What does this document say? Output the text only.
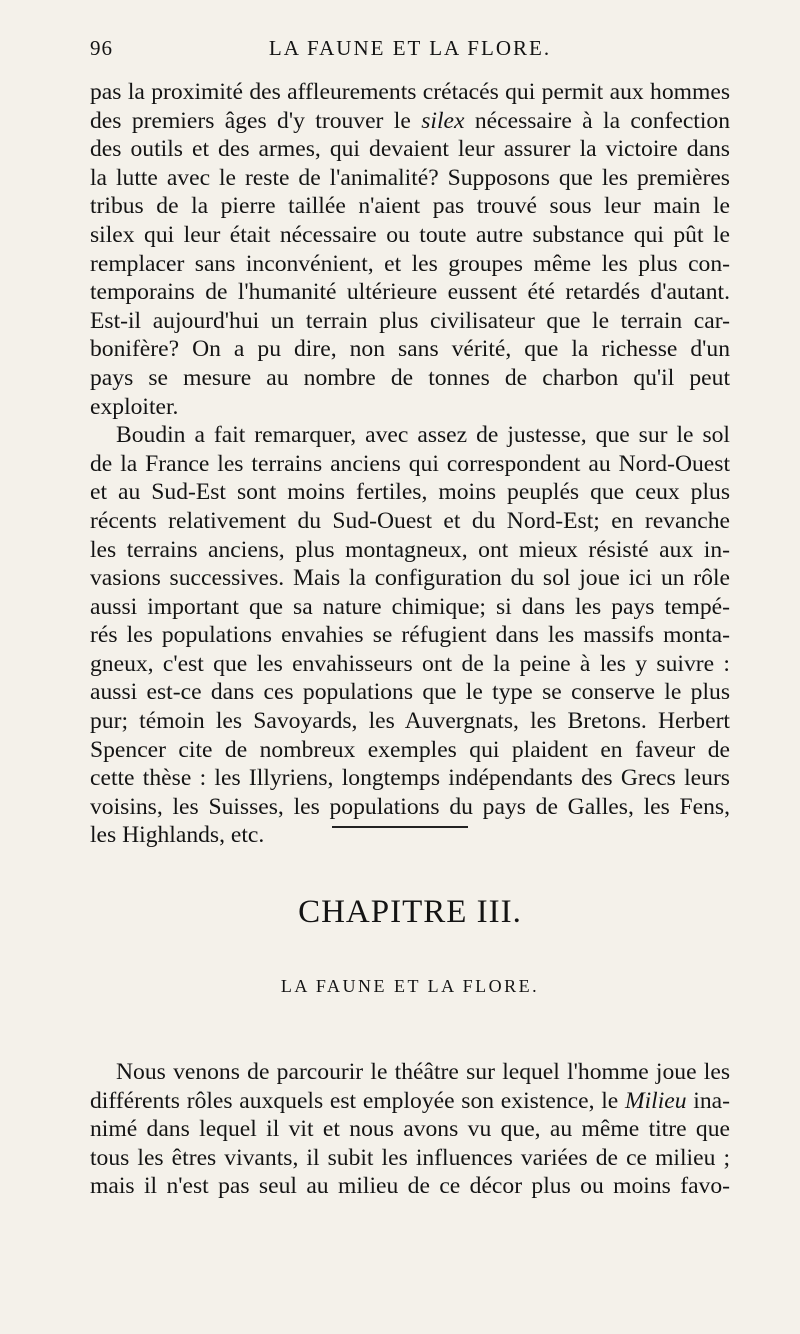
96	LA FAUNE ET LA FLORE.
pas la proximité des affleurements crétacés qui permit aux hommes
des premiers âges d'y trouver le silex nécessaire à la confection
des outils et des armes, qui devaient leur assurer la victoire dans
la lutte avec le reste de l'animalité? Supposons que les premières
tribus de la pierre taillée n'aient pas trouvé sous leur main le
silex qui leur était nécessaire ou toute autre substance qui pût le
remplacer sans inconvénient, et les groupes même les plus con-
temporains de l'humanité ultérieure eussent été retardés d'autant.
Est-il aujourd'hui un terrain plus civilisateur que le terrain car-
bonifère? On a pu dire, non sans vérité, que la richesse d'un
pays se mesure au nombre de tonnes de charbon qu'il peut
exploiter.
Boudin a fait remarquer, avec assez de justesse, que sur le sol
de la France les terrains anciens qui correspondent au Nord-Ouest
et au Sud-Est sont moins fertiles, moins peuplés que ceux plus
récents relativement du Sud-Ouest et du Nord-Est; en revanche
les terrains anciens, plus montagneux, ont mieux résisté aux in-
vasions successives. Mais la configuration du sol joue ici un rôle
aussi important que sa nature chimique; si dans les pays tempé-
rés les populations envahies se réfugient dans les massifs monta-
gneux, c'est que les envahisseurs ont de la peine à les y suivre :
aussi est-ce dans ces populations que le type se conserve le plus
pur; témoin les Savoyards, les Auvergnats, les Bretons. Herbert
Spencer cite de nombreux exemples qui plaident en faveur de
cette thèse : les Illyriens, longtemps indépendants des Grecs leurs
voisins, les Suisses, les populations du pays de Galles, les Fens,
les Highlands, etc.
CHAPITRE III.
LA FAUNE ET LA FLORE.
Nous venons de parcourir le théâtre sur lequel l'homme joue les
différents rôles auxquels est employée son existence, le Milieu ina-
nimé dans lequel il vit et nous avons vu que, au même titre que
tous les êtres vivants, il subit les influences variées de ce milieu ;
mais il n'est pas seul au milieu de ce décor plus ou moins favo-
